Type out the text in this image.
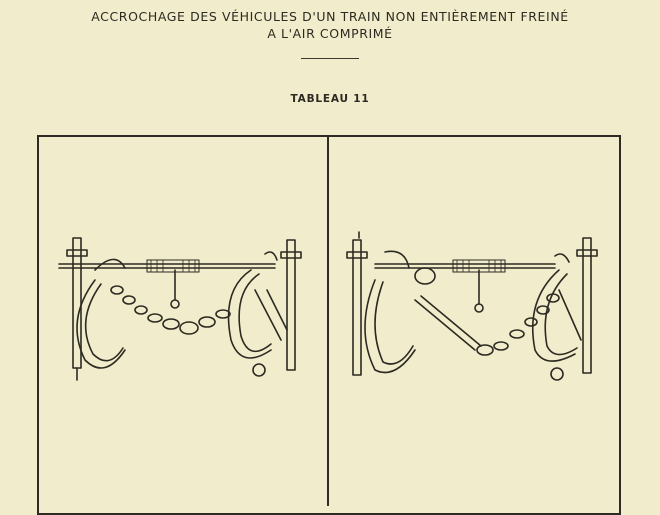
ACCROCHAGE DES VÉHICULES D'UN TRAIN NON ENTIÈREMENT FREINÉ
A L'AIR COMPRIMÉ
TABLEAU 11
